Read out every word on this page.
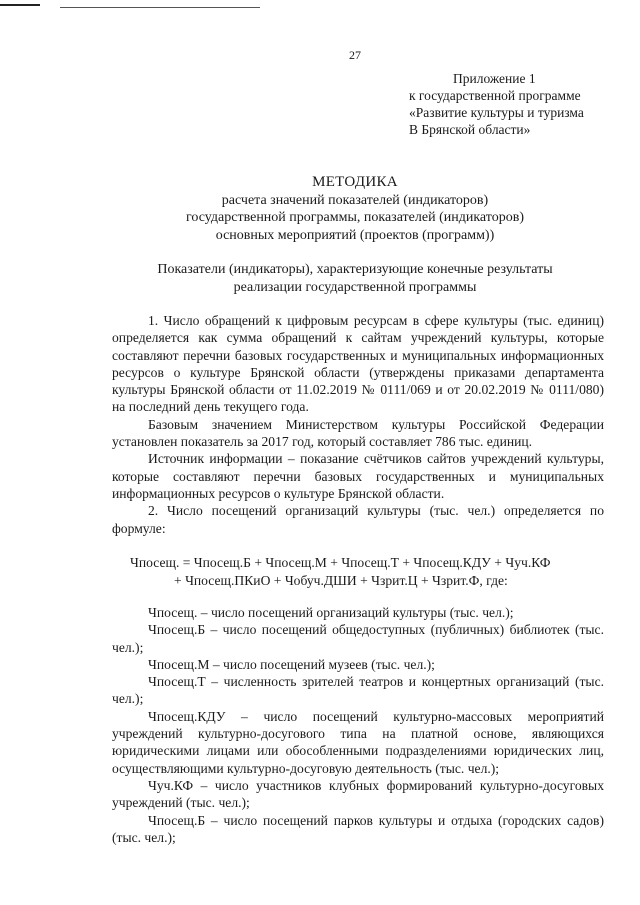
27
Приложение 1
к государственной программе
«Развитие культуры и туризма
В Брянской области»
МЕТОДИКА
расчета значений показателей (индикаторов)
государственной программы, показателей (индикаторов)
основных мероприятий (проектов (программ))
Показатели (индикаторы), характеризующие конечные результаты
реализации государственной программы

1. Число обращений к цифровым ресурсам в сфере культуры (тыс. единиц) определяется как сумма обращений к сайтам учреждений культуры, которые составляют перечни базовых государственных и муниципальных информационных ресурсов о культуре Брянской области (утверждены приказами департамента культуры Брянской области от 11.02.2019 № 0111/069 и от 20.02.2019 № 0111/080) на последний день текущего года.

Базовым значением Министерством культуры Российской Федерации установлен показатель за 2017 год, который составляет 786 тыс. единиц.

Источник информации – показание счётчиков сайтов учреждений культуры, которые составляют перечни базовых государственных и муниципальных информационных ресурсов о культуре Брянской области.

2. Число посещений организаций культуры (тыс. чел.) определяется по формуле:

Чпосещ. = Чпосещ.Б + Чпосещ.М + Чпосещ.Т + Чпосещ.КДУ + Чуч.КФ
+ Чпосещ.ПКиО + Чобуч.ДШИ + Чзрит.Ц + Чзрит.Ф, где:

Чпосещ. – число посещений организаций культуры (тыс. чел.);

Чпосещ.Б – число посещений общедоступных (публичных) библиотек (тыс. чел.);

Чпосещ.М – число посещений музеев (тыс. чел.);

Чпосещ.Т – численность зрителей театров и концертных организаций (тыс. чел.);

Чпосещ.КДУ – число посещений культурно-массовых мероприятий учреждений культурно-досугового типа на платной основе, являющихся юридическими лицами или обособленными подразделениями юридических лиц, осуществляющими культурно-досуговую деятельность (тыс. чел.);

Чуч.КФ – число участников клубных формирований культурно-досуговых учреждений (тыс. чел.);

Чпосещ.Б – число посещений парков культуры и отдыха (городских садов) (тыс. чел.);
